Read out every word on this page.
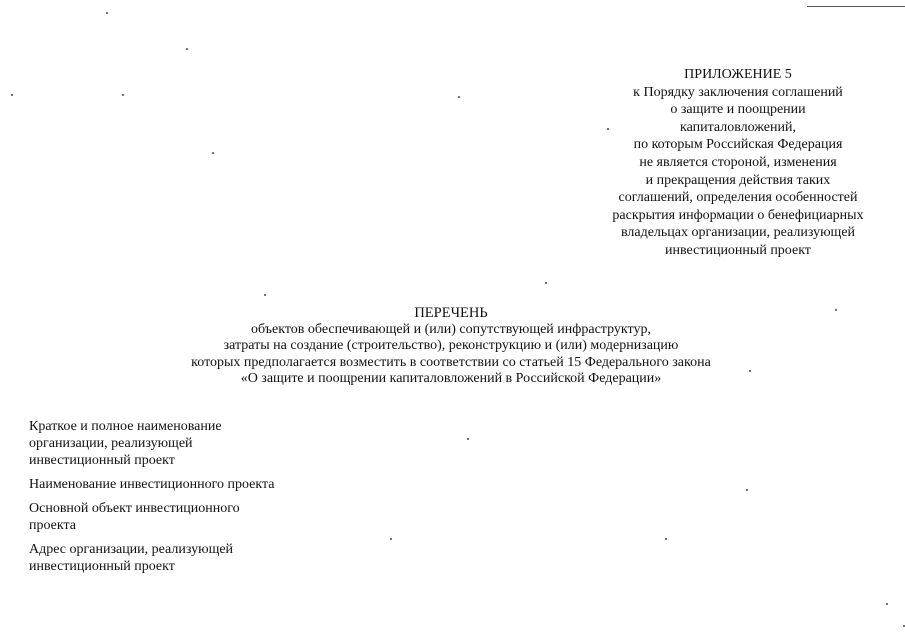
ПРИЛОЖЕНИЕ 5
к Порядку заключения соглашений
о защите и поощрении
капиталовложений,
по которым Российская Федерация
не является стороной, изменения
и прекращения действия таких
соглашений, определения особенностей
раскрытия информации о бенефициарных
владельцах организации, реализующей
инвестиционный проект
ПЕРЕЧЕНЬ
объектов обеспечивающей и (или) сопутствующей инфраструктур,
затраты на создание (строительство), реконструкцию и (или) модернизацию
которых предполагается возместить в соответствии со статьей 15 Федерального закона
«О защите и поощрении капиталовложений в Российской Федерации»
Краткое и полное наименование
организации, реализующей
инвестиционный проект
Наименование инвестиционного проекта
Основной объект инвестиционного
проекта
Адрес организации, реализующей
инвестиционный проект
